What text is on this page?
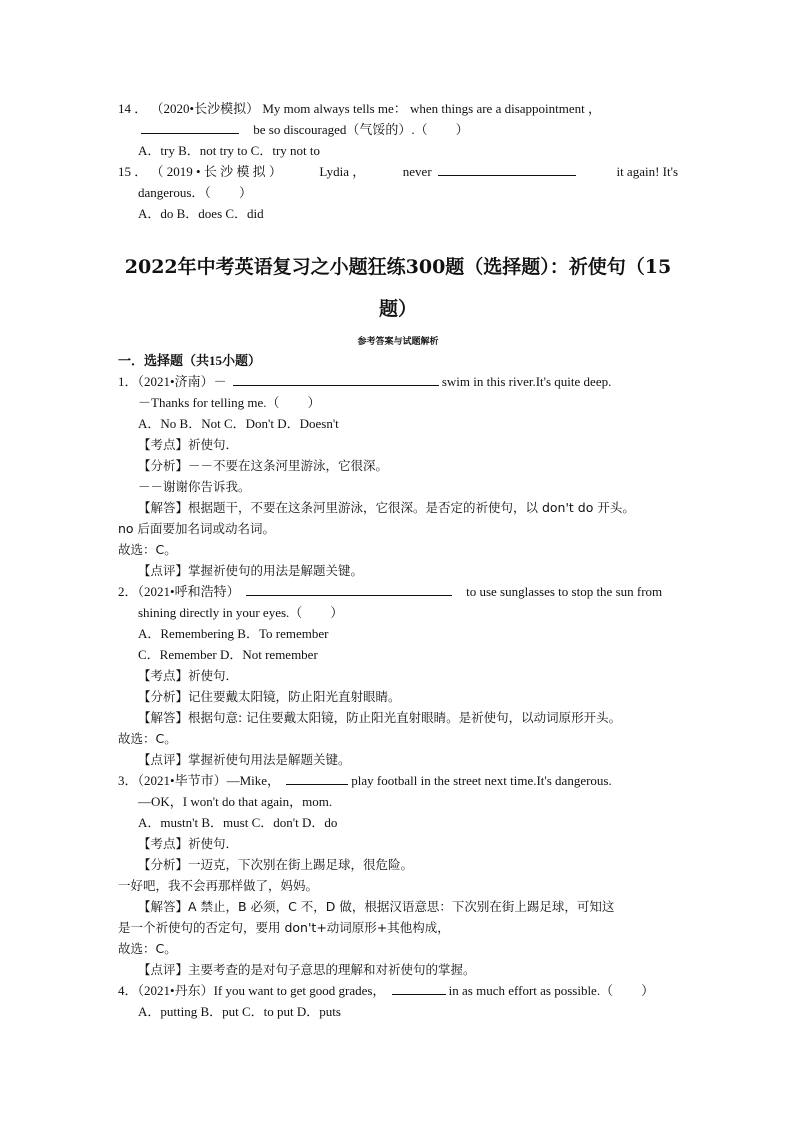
14 ． （2020•长沙模拟） My mom always tells me： when things are a disappointment ，
be so discouraged（气馁的）.（ ）
A．try B．not try to C．try not to
15 ． （ 2019 • 长 沙 模 拟 ）	Lydia ，	never	it again! It's
dangerous．（ ）
A．do B．does C．did
2022年中考英语复习之小题狂练300题（选择题）：祈使句（15
题）
参考答案与试题解析
一．选择题（共15小题）
1．（2021•济南）－	swim in this river.It's quite deep.
－Thanks for telling me.（ ）
A．No B．Not C．Don't D．Doesn't
【考点】祈使句．
【分析】－－不要在这条河里游泳，它很深。
－－谢谢你告诉我。
【解答】根据题干，不要在这条河里游泳，它很深。是否定的祈使句，以 don't do 开头。
no 后面要加名词或动名词。
故选：C。
【点评】掌握祈使句的用法是解题关键。
2．（2021•呼和浩特）	to use sunglasses to stop the sun from
shining directly in your eyes.（ ）
A．Remembering B．To remember
C．Remember D．Not remember
【考点】祈使句．
【分析】记住要戴太阳镜，防止阳光直射眼睛。
【解答】根据句意: 记住要戴太阳镜，防止阳光直射眼睛。是祈使句，以动词原形开头。
故选：C。
【点评】掌握祈使句用法是解题关键。
3．（2021•毕节市）—Mike，	play football in the street next time.It's dangerous.
—OK，I won't do that again，mom.
A．mustn't B．must C．don't D．do
【考点】祈使句．
【分析】一迈克，下次别在街上踢足球，很危险。
一好吧，我不会再那样做了，妈妈。
【解答】A 禁止，B 必须，C 不，D 做，根据汉语意思：下次别在街上踢足球，可知这
是一个祈使句的否定句，要用 don't+动词原形+其他构成，
故选：C。
【点评】主要考查的是对句子意思的理解和对祈使句的掌握。
4．（2021•丹东）If you want to get good grades，	in as much effort as possible.（ ）
A．putting B．put C．to put D．puts
